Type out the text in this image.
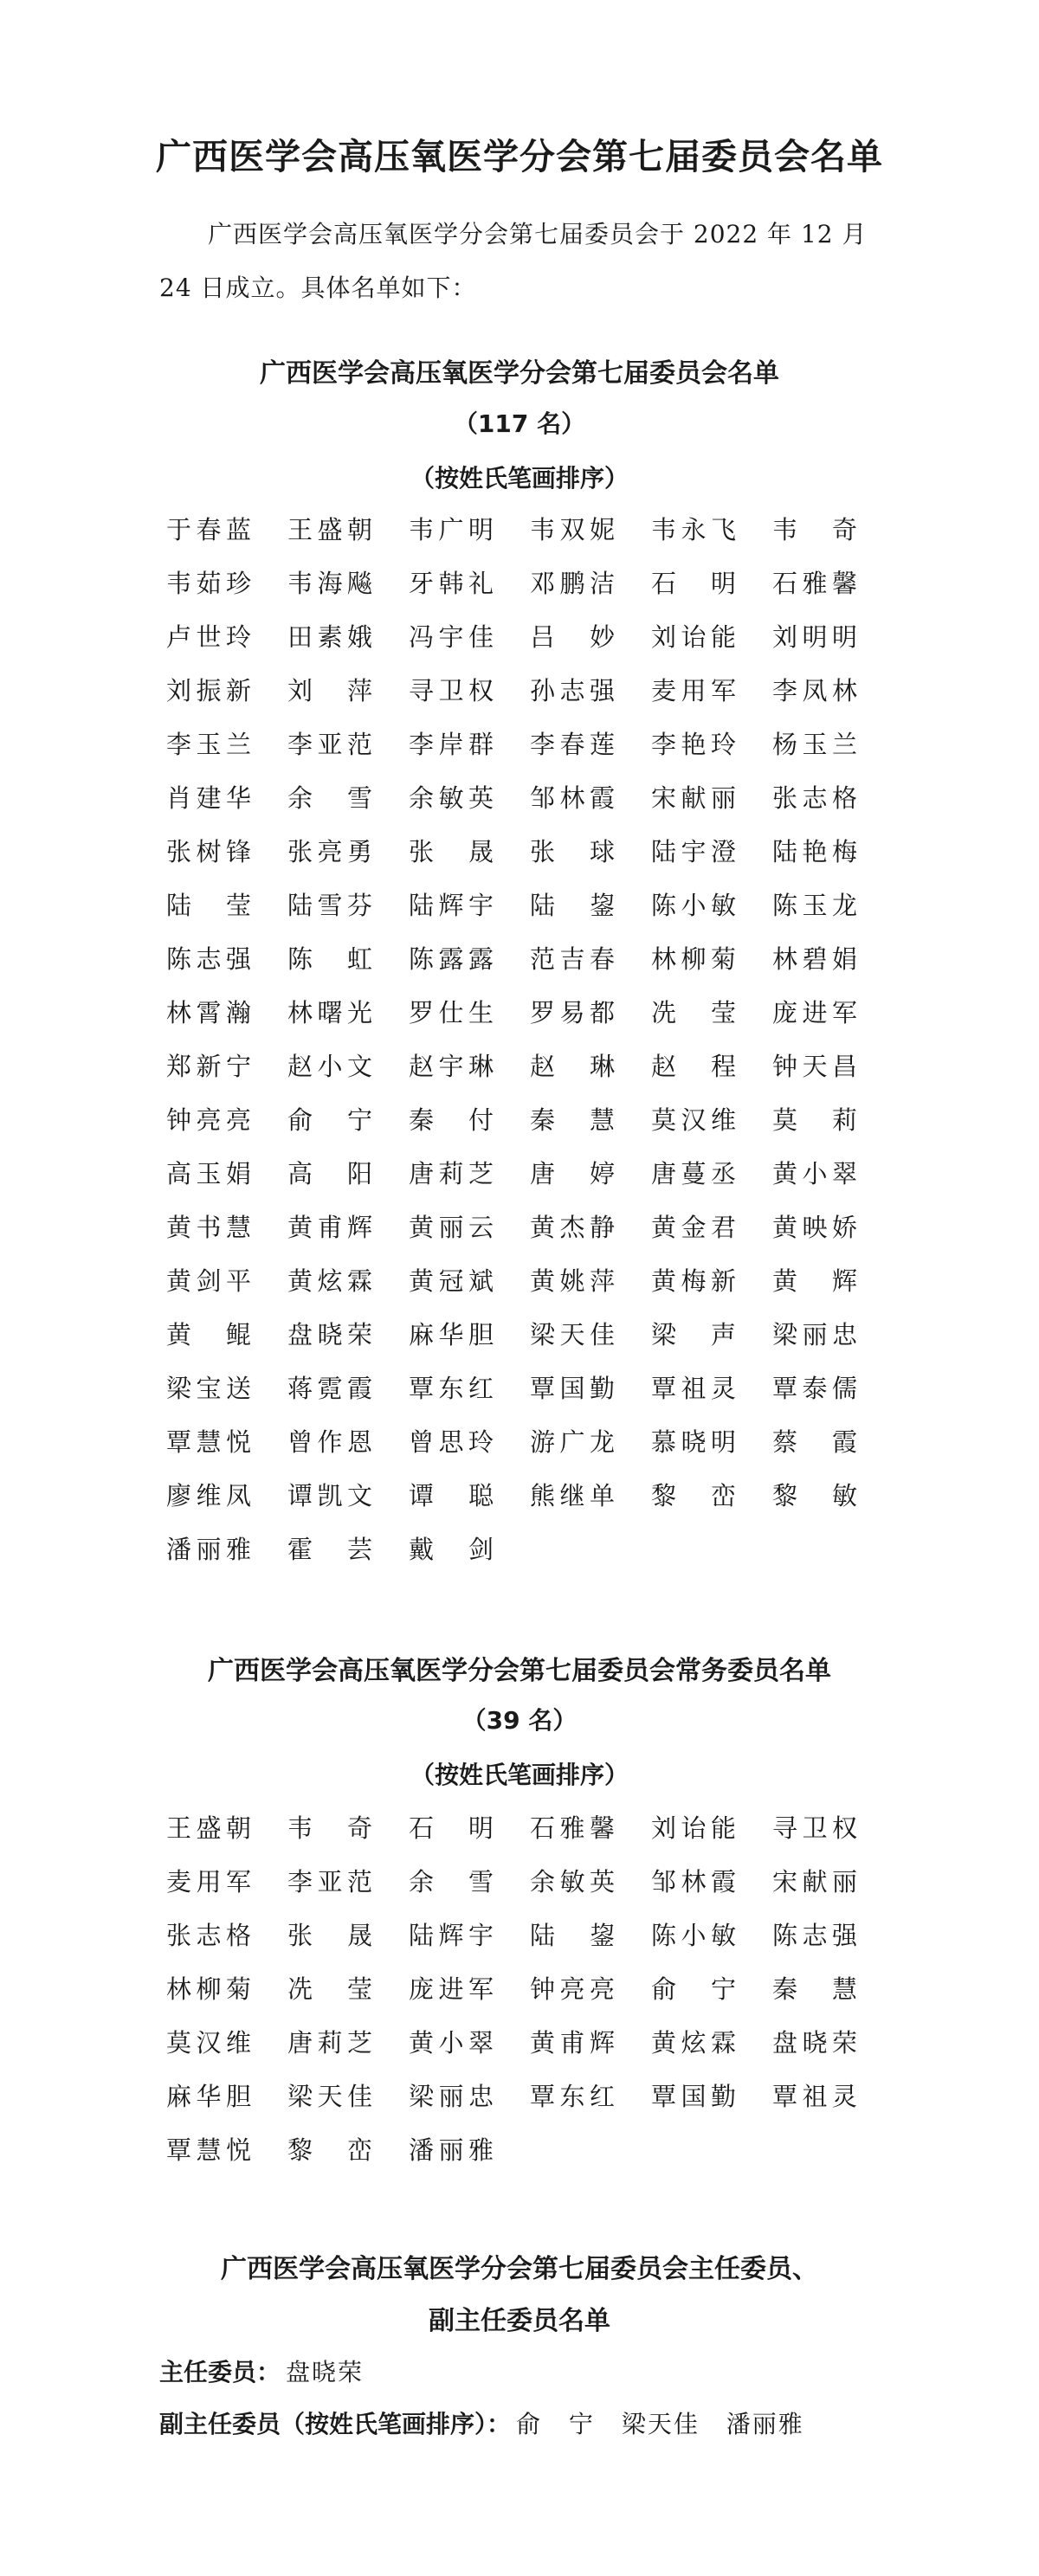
广西医学会高压氧医学分会第七届委员会名单
广西医学会高压氧医学分会第七届委员会于 2022 年 12 月 24 日成立。具体名单如下：
广西医学会高压氧医学分会第七届委员会名单
（117 名）
（按姓氏笔画排序）
于 春 蓝 王 盛 朝 韦 广 明 韦 双 妮 韦 永 飞 韦 奇
韦 茹 珍 韦 海 飚 牙 韩 礼 邓 鹏 洁 石 明 石 雅 馨
卢 世 玲 田 素 娥 冯 宇 佳 吕 妙 刘 诒 能 刘 明 明
刘 振 新 刘 萍 寻 卫 权 孙 志 强 麦 用 军 李 凤 林
李 玉 兰 李 亚 范 李 岸 群 李 春 莲 李 艳 玲 杨 玉 兰
肖 建 华 余 雪 余 敏 英 邹 林 霞 宋 献 丽 张 志 格
张 树 锋 张 亮 勇 张 晟 张 球 陆 宇 澄 陆 艳 梅
陆 莹 陆 雪 芬 陆 辉 宇 陆 鋆 陈 小 敏 陈 玉 龙
陈 志 强 陈 虹 陈 露 露 范 吉 春 林 柳 菊 林 碧 娟
林 霄 瀚 林 曙 光 罗 仕 生 罗 易 都 冼 莹 庞 进 军
郑 新 宁 赵 小 文 赵 宇 琳 赵 琳 赵 程 钟 天 昌
钟 亮 亮 俞 宁 秦 付 秦 慧 莫 汉 维 莫 莉
高 玉 娟 高 阳 唐 莉 芝 唐 婷 唐 蔓 丞 黄 小 翠
黄 书 慧 黄 甫 辉 黄 丽 云 黄 杰 静 黄 金 君 黄 映 娇
黄 剑 平 黄 炫 霖 黄 冠 斌 黄 姚 萍 黄 梅 新 黄 辉
黄 鲲 盘 晓 荣 麻 华 胆 梁 天 佳 梁 声 梁 丽 忠
梁 宝 送 蒋 霓 霞 覃 东 红 覃 国 勤 覃 祖 灵 覃 泰 儒
覃 慧 悦 曾 作 恩 曾 思 玲 游 广 龙 慕 晓 明 蔡 霞
廖 维 凤 谭 凯 文 谭 聪 熊 继 单 黎 峦 黎 敏
潘 丽 雅 霍 芸 戴 剑
广西医学会高压氧医学分会第七届委员会常务委员名单
（39 名）
（按姓氏笔画排序）
王 盛 朝 韦 奇 石 明 石 雅 馨 刘 诒 能 寻 卫 权
麦 用 军 李 亚 范 余 雪 余 敏 英 邹 林 霞 宋 献 丽
张 志 格 张 晟 陆 辉 宇 陆 鋆 陈 小 敏 陈 志 强
林 柳 菊 冼 莹 庞 进 军 钟 亮 亮 俞 宁 秦 慧
莫 汉 维 唐 莉 芝 黄 小 翠 黄 甫 辉 黄 炫 霖 盘 晓 荣
麻 华 胆 梁 天 佳 梁 丽 忠 覃 东 红 覃 国 勤 覃 祖 灵
覃 慧 悦 黎 峦 潘 丽 雅
广西医学会高压氧医学分会第七届委员会主任委员、
副主任委员名单
主任委员： 盘晓荣
副主任委员（按姓氏笔画排序）： 俞 宁 梁天佳 潘丽雅
